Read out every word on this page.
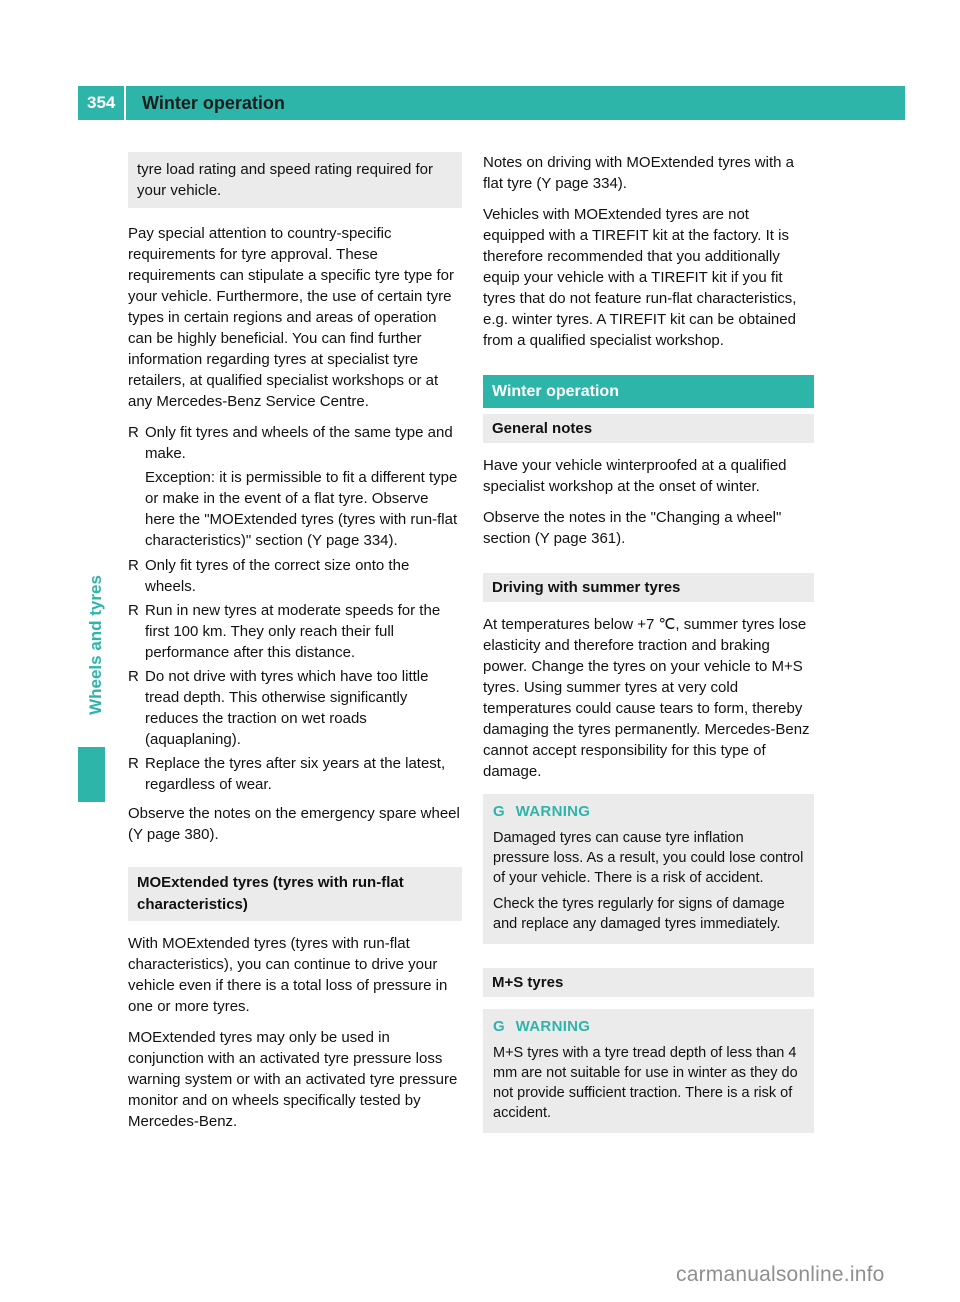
354	Winter operation
Wheels and tyres
tyre load rating and speed rating required for your vehicle.

Pay special attention to country-specific requirements for tyre approval. These requirements can stipulate a specific tyre type for your vehicle. Furthermore, the use of certain tyre types in certain regions and areas of operation can be highly beneficial. You can find further information regarding tyres at specialist tyre retailers, at qualified specialist workshops or at any Mercedes-Benz Service Centre.

R Only fit tyres and wheels of the same type and make.
Exception: it is permissible to fit a different type or make in the event of a flat tyre. Observe here the "MOExtended tyres (tyres with run-flat characteristics)" section (Y page 334).
R Only fit tyres of the correct size onto the wheels.
R Run in new tyres at moderate speeds for the first 100 km. They only reach their full performance after this distance.
R Do not drive with tyres which have too little tread depth. This otherwise significantly reduces the traction on wet roads (aquaplaning).
R Replace the tyres after six years at the latest, regardless of wear.

Observe the notes on the emergency spare wheel (Y page 380).

MOExtended tyres (tyres with run-flat characteristics)

With MOExtended tyres (tyres with run-flat characteristics), you can continue to drive your vehicle even if there is a total loss of pressure in one or more tyres.

MOExtended tyres may only be used in conjunction with an activated tyre pressure loss warning system or with an activated tyre pressure monitor and on wheels specifically tested by Mercedes-Benz.

Notes on driving with MOExtended tyres with a flat tyre (Y page 334).

Vehicles with MOExtended tyres are not equipped with a TIREFIT kit at the factory. It is therefore recommended that you additionally equip your vehicle with a TIREFIT kit if you fit tyres that do not feature run-flat characteristics, e.g. winter tyres. A TIREFIT kit can be obtained from a qualified specialist workshop.

Winter operation
General notes

Have your vehicle winterproofed at a qualified specialist workshop at the onset of winter.

Observe the notes in the "Changing a wheel" section (Y page 361).

Driving with summer tyres

At temperatures below +7 ℃, summer tyres lose elasticity and therefore traction and braking power. Change the tyres on your vehicle to M+S tyres. Using summer tyres at very cold temperatures could cause tears to form, thereby damaging the tyres permanently. Mercedes-Benz cannot accept responsibility for this type of damage.

G WARNING

Damaged tyres can cause tyre inflation pressure loss. As a result, you could lose control of your vehicle. There is a risk of accident.

Check the tyres regularly for signs of damage and replace any damaged tyres immediately.

M+S tyres
G WARNING

M+S tyres with a tyre tread depth of less than 4 mm are not suitable for use in winter as they do not provide sufficient traction. There is a risk of accident.

carmanualsonline.info
